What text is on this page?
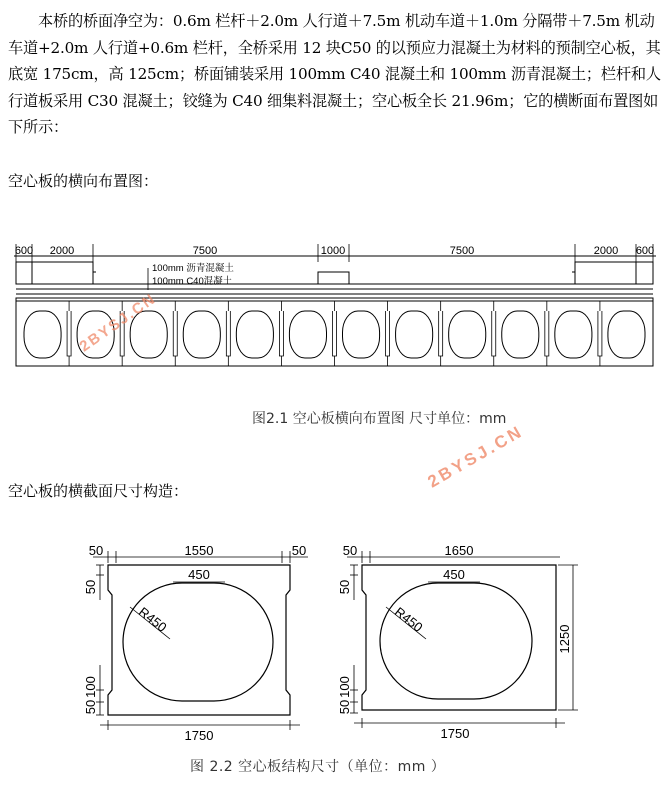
本桥的桥面净空为：0.6m 栏杆＋2.0m 人行道＋7.5m 机动车道＋1.0m 分隔带＋7.5m 机动车道+2.0m 人行道+0.6m 栏杆，全桥采用 12 块C50 的以预应力混凝土为材料的预制空心板，其底宽 175cm，高 125cm；桥面铺装采用 100mm C40 混凝土和 100mm 沥青混凝土；栏杆和人行道板采用 C30 混凝土；铰缝为 C40 细集料混凝土；空心板全长 21.96m；它的横断面布置图如下所示：
空心板的横向布置图：
600 2000	7500	1000	7500	2000 600
100mm 沥青混凝土
100mm C40混凝土
2BYSJ.CN
图2.1 空心板横向布置图 尺寸单位：mm
2BYSJ.CN
空心板的横截面尺寸构造：
50	1550	50
450
1750
R450
50
100
50
50	1650
450
1750
R450
1250
50
100
50
图 2.2 空心板结构尺寸（单位：mm ）
